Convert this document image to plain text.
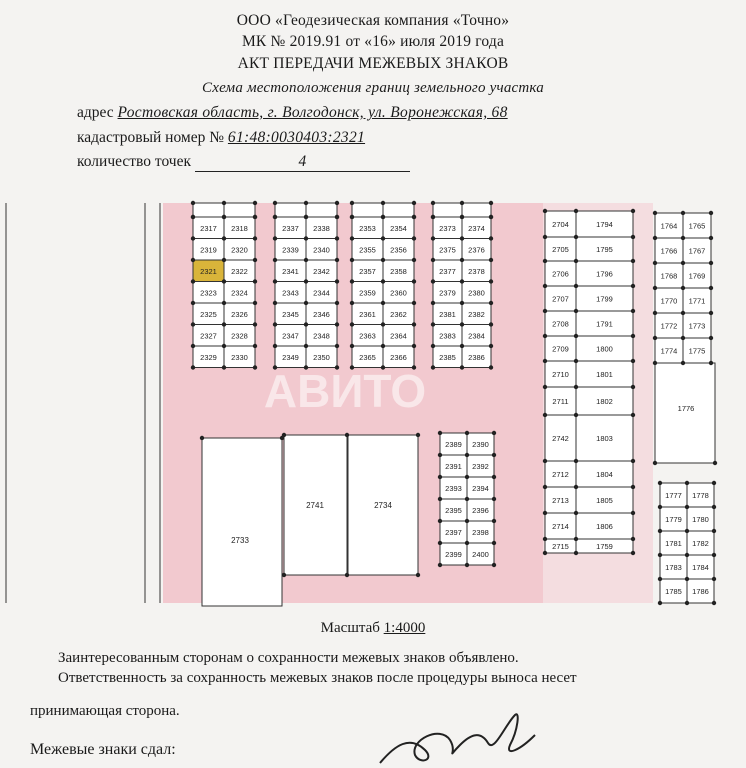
ООО «Геодезическая компания «Точно»
МК № 2019.91 от «16» июля 2019 года
АКТ ПЕРЕДАЧИ МЕЖЕВЫХ ЗНАКОВ
Схема местоположения границ земельного участка
адрес Ростовская область, г. Волгодонск, ул. Воронежская, 68
кадастровый номер № 61:48:0030403:2321
количество точек	4
2317 2318
2319 2320
2321 2322
2323 2324
2325 2326
2327 2328
2329 2330
2337 2338
2339 2340
2341 2342
2343 2344
2345 2346
2347 2348
2349 2350
2353 2354
2355 2356
2357 2358
2359 2360
2361 2362
2363 2364
2365 2366
2373 2374
2375 2376
2377 2378
2379 2380
2381 2382
2383 2384
2385 2386
2389 2390
2391 2392
2393 2394
2395 2396
2397 2398
2399 2400
2733
2741	2734
2704	1794
2705	1795
2706	1796
2707	1799
2708	1791
2709	1800
2710	1801
2711	1802
2742	1803
2712	1804
2713	1805
2714	1806
2715	1759
1764 1765
1766 1767
1768 1769
1770 1771
1772 1773
1774 1775
1776
1777 1778
1779 1780
1781 1782
1783 1784
1785 1786
АВИТО
Масштаб 1:4000
Заинтересованным сторонам о сохранности межевых знаков объявлено.
Ответственность за сохранность межевых знаков после процедуры выноса несет
принимающая сторона.
Межевые знаки сдал:
